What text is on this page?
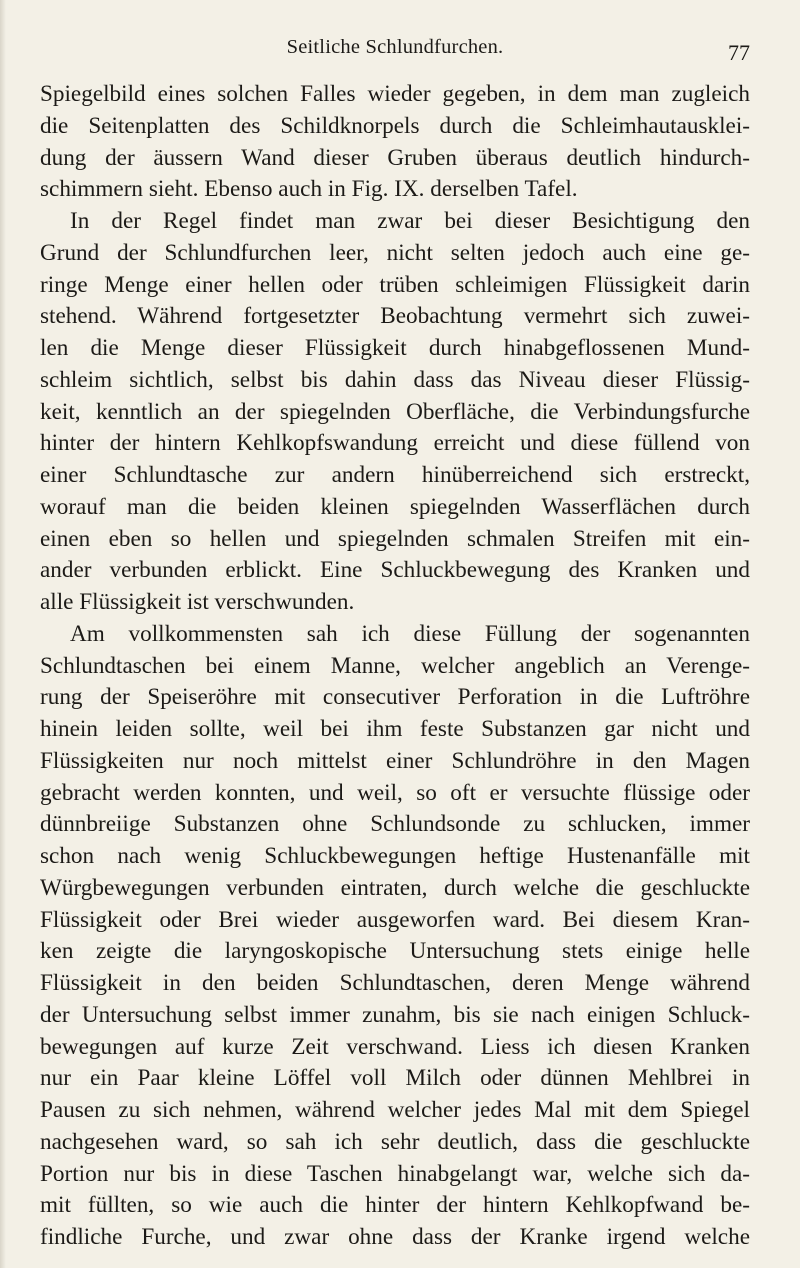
Seitliche Schlundfurchen.	77
Spiegelbild eines solchen Falles wieder gegeben, in dem man zugleich
die Seitenplatten des Schildknorpels durch die Schleimhautausklei-
dung der äussern Wand dieser Gruben überaus deutlich hindurch-
schimmern sieht. Ebenso auch in Fig. IX. derselben Tafel.
In der Regel findet man zwar bei dieser Besichtigung den
Grund der Schlundfurchen leer, nicht selten jedoch auch eine ge-
ringe Menge einer hellen oder trüben schleimigen Flüssigkeit darin
stehend. Während fortgesetzter Beobachtung vermehrt sich zuwei-
len die Menge dieser Flüssigkeit durch hinabgeflossenen Mund-
schleim sichtlich, selbst bis dahin dass das Niveau dieser Flüssig-
keit, kenntlich an der spiegelnden Oberfläche, die Verbindungsfurche
hinter der hintern Kehlkopfswandung erreicht und diese füllend von
einer Schlundtasche zur andern hinüberreichend sich erstreckt,
worauf man die beiden kleinen spiegelnden Wasserflächen durch
einen eben so hellen und spiegelnden schmalen Streifen mit ein-
ander verbunden erblickt. Eine Schluckbewegung des Kranken und
alle Flüssigkeit ist verschwunden.
Am vollkommensten sah ich diese Füllung der sogenannten
Schlundtaschen bei einem Manne, welcher angeblich an Verenge-
rung der Speiseröhre mit consecutiver Perforation in die Luftröhre
hinein leiden sollte, weil bei ihm feste Substanzen gar nicht und
Flüssigkeiten nur noch mittelst einer Schlundröhre in den Magen
gebracht werden konnten, und weil, so oft er versuchte flüssige oder
dünnbreiige Substanzen ohne Schlundsonde zu schlucken, immer
schon nach wenig Schluckbewegungen heftige Hustenanfälle mit
Würgbewegungen verbunden eintraten, durch welche die geschluckte
Flüssigkeit oder Brei wieder ausgeworfen ward. Bei diesem Kran-
ken zeigte die laryngoskopische Untersuchung stets einige helle
Flüssigkeit in den beiden Schlundtaschen, deren Menge während
der Untersuchung selbst immer zunahm, bis sie nach einigen Schluck-
bewegungen auf kurze Zeit verschwand. Liess ich diesen Kranken
nur ein Paar kleine Löffel voll Milch oder dünnen Mehlbrei in
Pausen zu sich nehmen, während welcher jedes Mal mit dem Spiegel
nachgesehen ward, so sah ich sehr deutlich, dass die geschluckte
Portion nur bis in diese Taschen hinabgelangt war, welche sich da-
mit füllten, so wie auch die hinter der hintern Kehlkopfwand be-
findliche Furche, und zwar ohne dass der Kranke irgend welche
